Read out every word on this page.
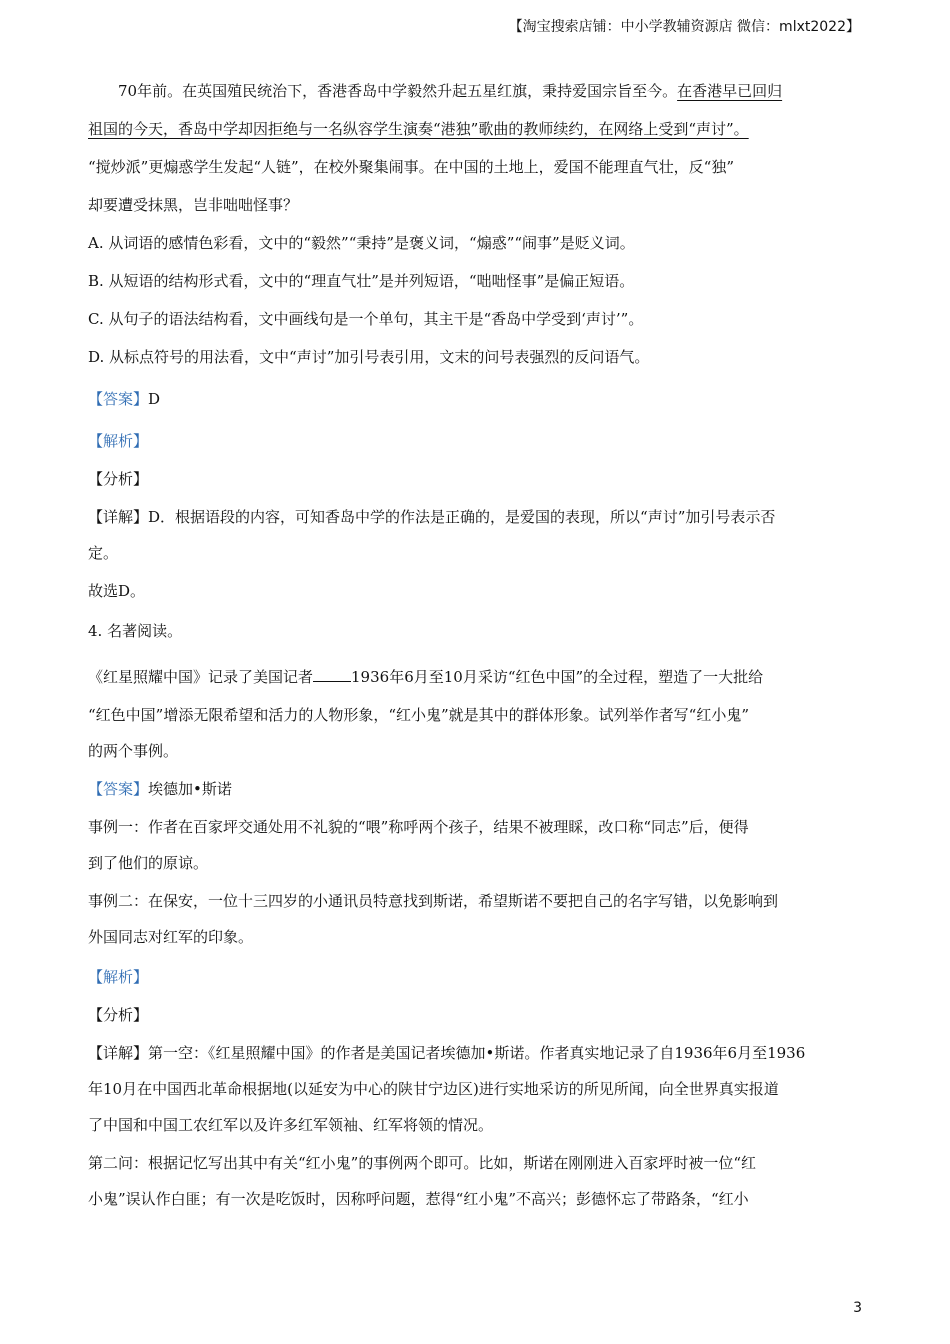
【淘宝搜索店铺：中小学教辅资源店 微信：mlxt2022】
70年前。在英国殖民统治下，香港香岛中学毅然升起五星红旗，秉持爱国宗旨至今。在香港早已回归
祖国的今天，香岛中学却因拒绝与一名纵容学生演奏“港独”歌曲的教师续约，在网络上受到“声讨”。
“搅炒派”更煽惑学生发起“人链”，在校外聚集闹事。在中国的土地上，爱国不能理直气壮，反“独”
却要遭受抹黑，岂非咄咄怪事？
A. 从词语的感情色彩看，文中的“毅然”“秉持”是褒义词，“煽惑”“闹事”是贬义词。
B. 从短语的结构形式看，文中的“理直气壮”是并列短语，“咄咄怪事”是偏正短语。
C. 从句子的语法结构看，文中画线句是一个单句，其主干是“香岛中学受到‘声讨’”。
D. 从标点符号的用法看，文中“声讨”加引号表引用，文末的问号表强烈的反问语气。
【答案】D
【解析】
【分析】
【详解】D．根据语段的内容，可知香岛中学的作法是正确的，是爱国的表现，所以“声讨”加引号表示否
定。
故选D。
4. 名著阅读。
《红星照耀中国》记录了美国记者	1936年6月至10月采访“红色中国”的全过程，塑造了一大批给
“红色中国”增添无限希望和活力的人物形象，“红小鬼”就是其中的群体形象。试列举作者写“红小鬼”
的两个事例。
【答案】埃德加•斯诺
事例一：作者在百家坪交通处用不礼貌的“喂”称呼两个孩子，结果不被理睬，改口称“同志”后，便得
到了他们的原谅。
事例二：在保安，一位十三四岁的小通讯员特意找到斯诺，希望斯诺不要把自己的名字写错，以免影响到
外国同志对红军的印象。
【解析】
【分析】
【详解】第一空：《红星照耀中国》的作者是美国记者埃德加•斯诺。作者真实地记录了自1936年6月至1936
年10月在中国西北革命根据地(以延安为中心的陕甘宁边区)进行实地采访的所见所闻，向全世界真实报道
了中国和中国工农红军以及许多红军领袖、红军将领的情况。
第二问：根据记忆写出其中有关“红小鬼”的事例两个即可。比如，斯诺在刚刚进入百家坪时被一位“红
小鬼”误认作白匪；有一次是吃饭时，因称呼问题，惹得“红小鬼”不高兴；彭德怀忘了带路条，“红小
3
